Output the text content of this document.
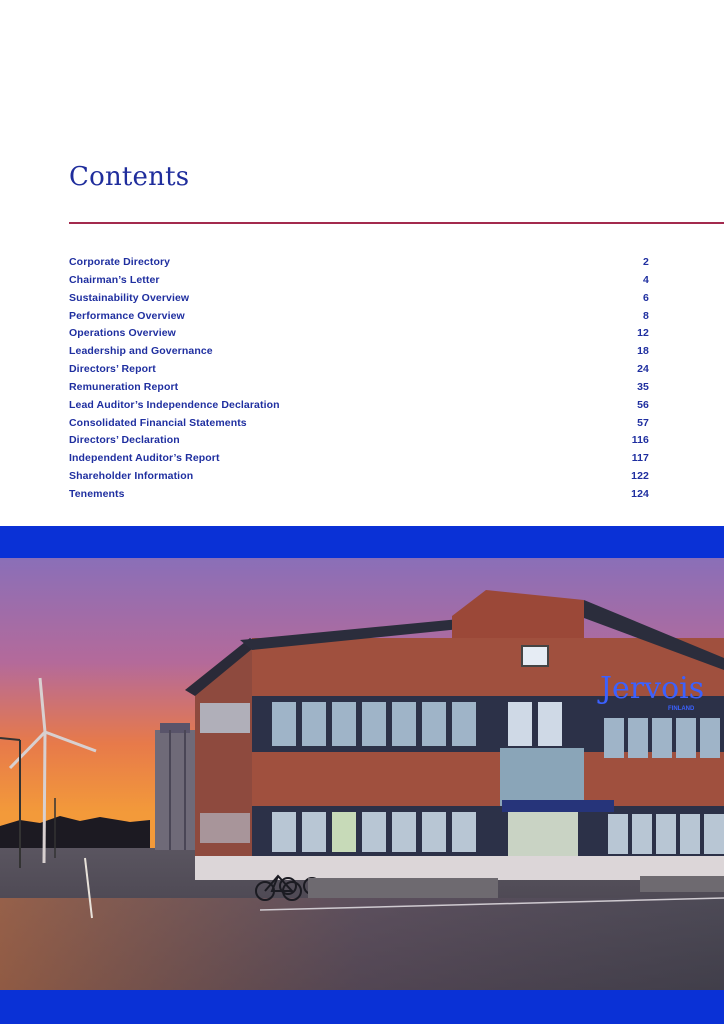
Contents
Corporate Directory	2
Chairman’s Letter	4
Sustainability Overview	6
Performance Overview	8
Operations Overview	12
Leadership and Governance	18
Directors’ Report	24
Remuneration Report	35
Lead Auditor’s Independence Declaration	56
Consolidated Financial Statements	57
Directors’ Declaration	116
Independent Auditor’s Report	117
Shareholder Information	122
Tenements	124
Jervois
FINLAND
